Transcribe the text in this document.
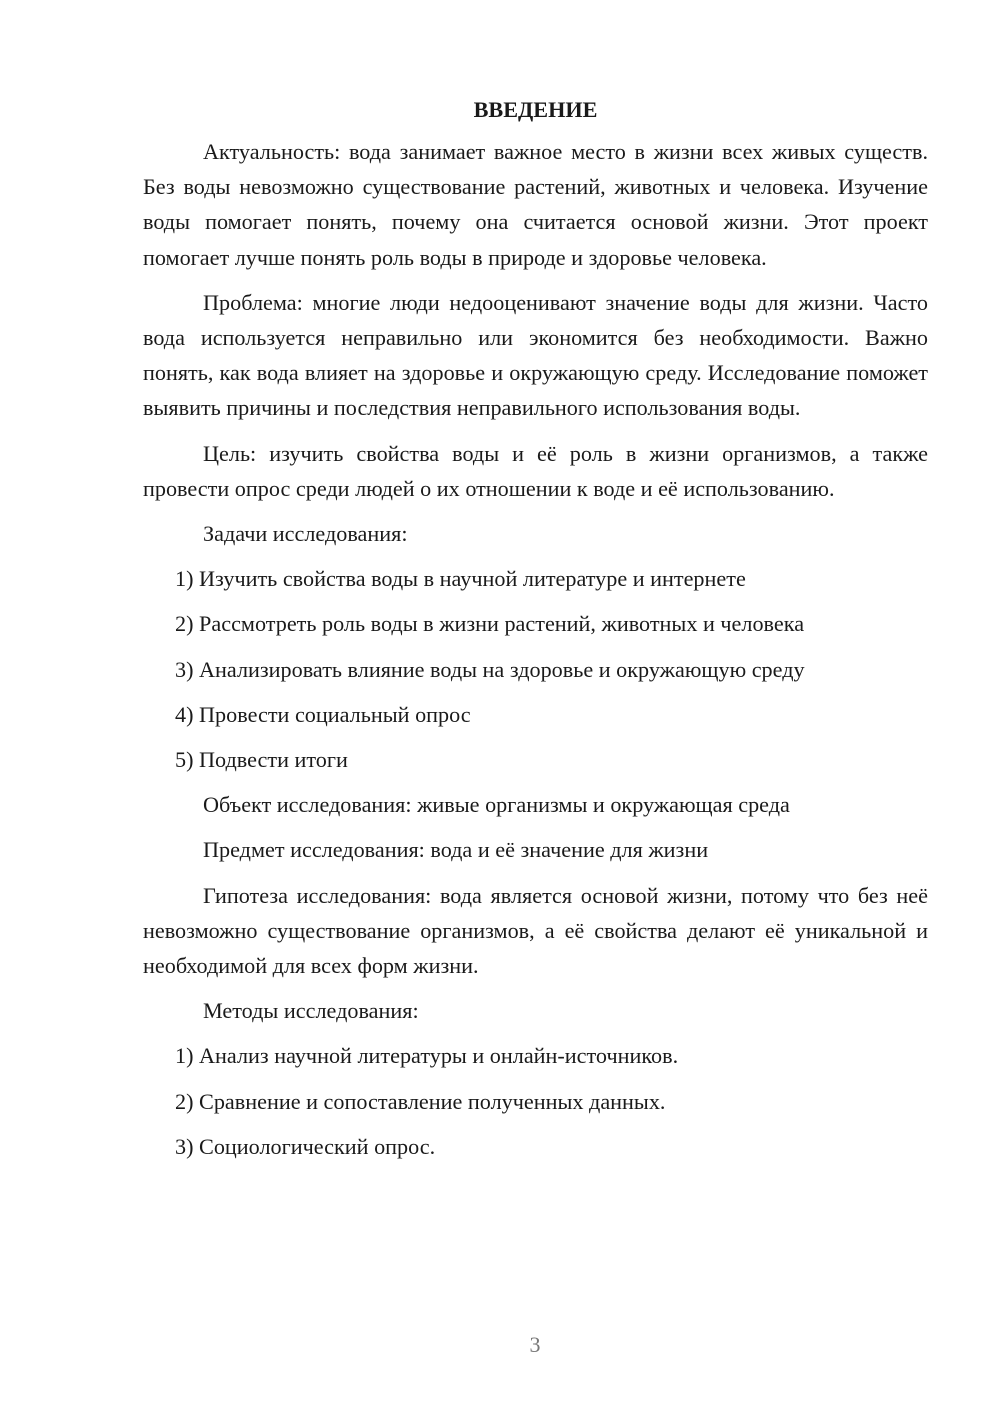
ВВЕДЕНИЕ

Актуальность: вода занимает важное место в жизни всех живых существ. Без воды невозможно существование растений, животных и человека. Изучение воды помогает понять, почему она считается основой жизни. Этот проект помогает лучше понять роль воды в природе и здоровье человека.

Проблема: многие люди недооценивают значение воды для жизни. Часто вода используется неправильно или экономится без необходимости. Важно понять, как вода влияет на здоровье и окружающую среду. Исследование поможет выявить причины и последствия неправильного использования воды.

Цель: изучить свойства воды и её роль в жизни организмов, а также провести опрос среди людей о их отношении к воде и её использованию.

Задачи исследования:

1) Изучить свойства воды в научной литературе и интернете

2) Рассмотреть роль воды в жизни растений, животных и человека

3) Анализировать влияние воды на здоровье и окружающую среду

4) Провести социальный опрос

5) Подвести итоги

Объект исследования: живые организмы и окружающая среда

Предмет исследования: вода и её значение для жизни

Гипотеза исследования: вода является основой жизни, потому что без неё невозможно существование организмов, а её свойства делают её уникальной и необходимой для всех форм жизни.

Методы исследования:

1) Анализ научной литературы и онлайн-источников.

2) Сравнение и сопоставление полученных данных.

3) Социологический опрос.

3
